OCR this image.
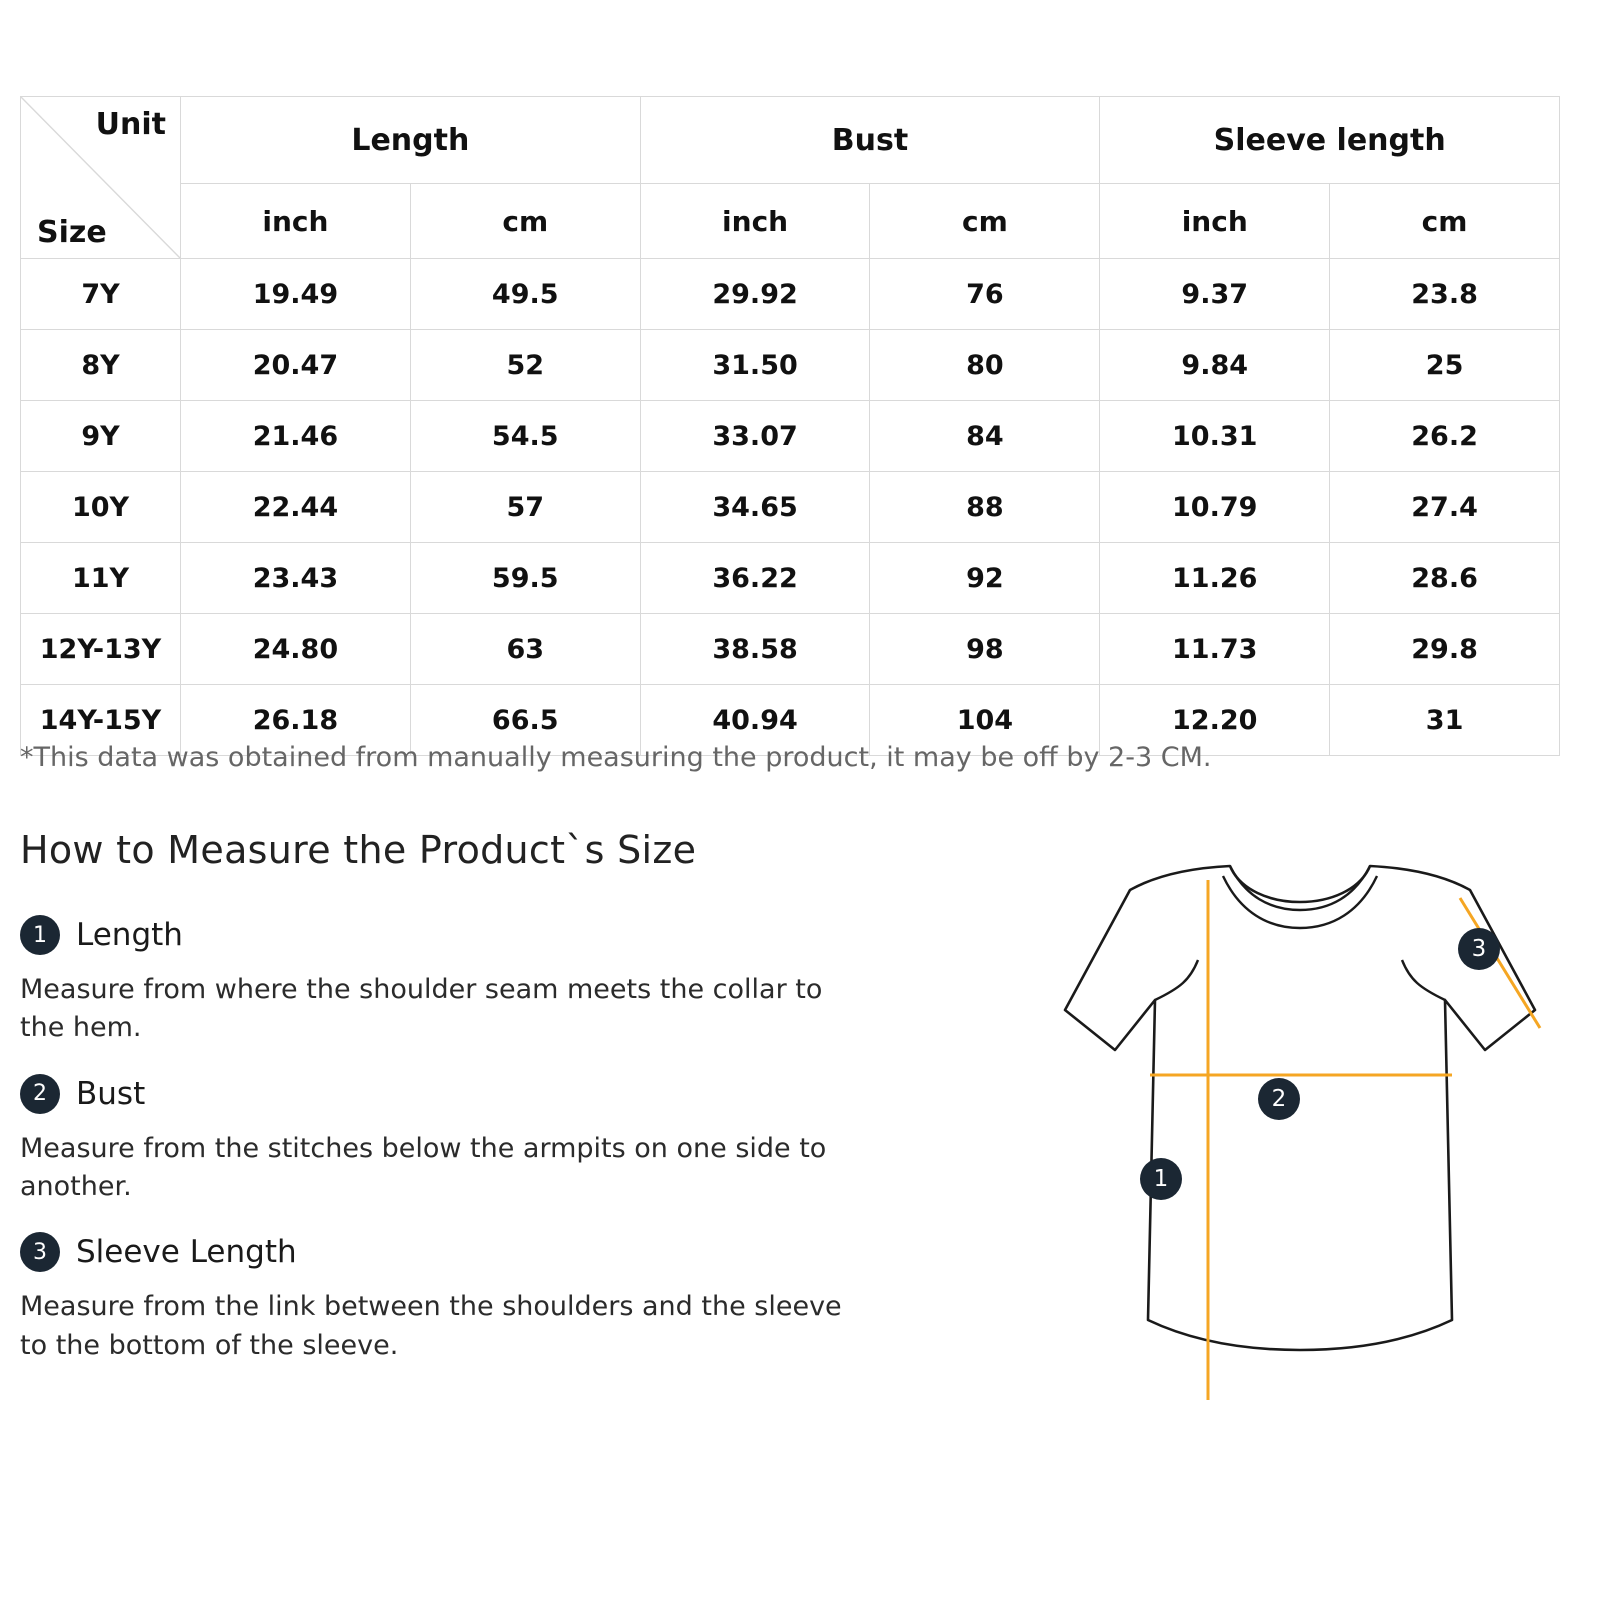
Unit
Size	Length		Bust		Sleeve length	
	inch	cm	inch	cm	inch	cm
7Y	19.49	49.5	29.92	76	9.37	23.8
8Y	20.47	52	31.50	80	9.84	25
9Y	21.46	54.5	33.07	84	10.31	26.2
10Y	22.44	57	34.65	88	10.79	27.4
11Y	23.43	59.5	36.22	92	11.26	28.6
12Y-13Y	24.80	63	38.58	98	11.73	29.8
14Y-15Y	26.18	66.5	40.94	104	12.20	31
*This data was obtained from manually measuring the product, it may be off by 2-3 CM.
How to Measure the Product`s Size
1 Length
Measure from where the shoulder seam meets the collar to the hem.
2 Bust
Measure from the stitches below the armpits on one side to another.
3 Sleeve Length
Measure from the link between the shoulders and the sleeve to the bottom of the sleeve.
1
2
3
